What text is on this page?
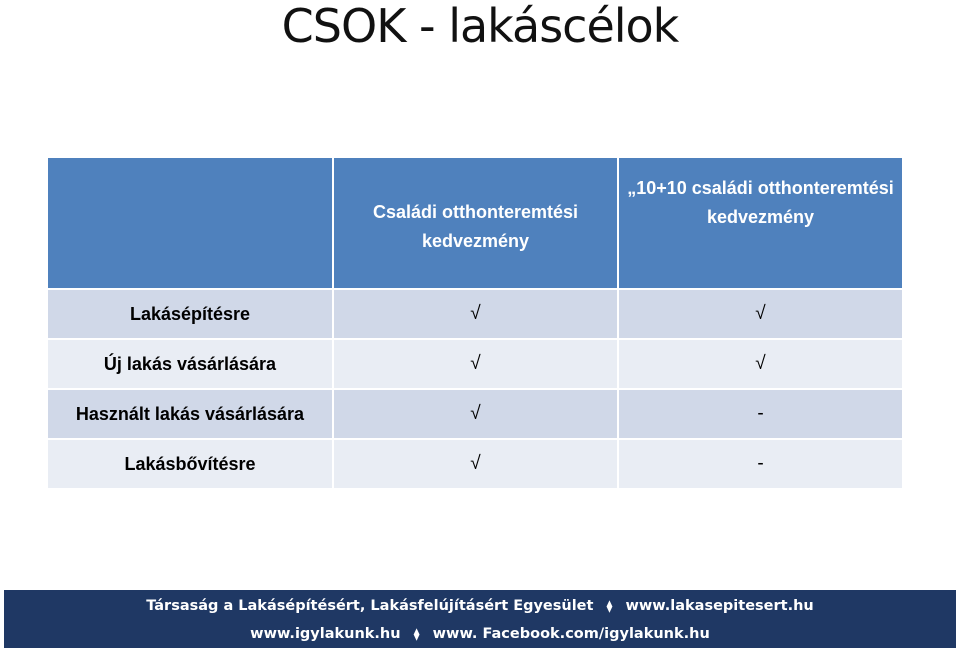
CSOK - lakáscélok

	Családi otthonteremtési kedvezmény	„10+10 családi otthonteremtési kedvezmény

Lakásépítésre	√	√
Új lakás vásárlására	√	√
Használt lakás vásárlására	√	-
Lakásbővítésre	√	-
Társaság a Lakásépítésért, Lakásfelújításért Egyesület ⧫ www.lakasepitesert.hu
www.igylakunk.hu ⧫ www. Facebook.com/igylakunk.hu
